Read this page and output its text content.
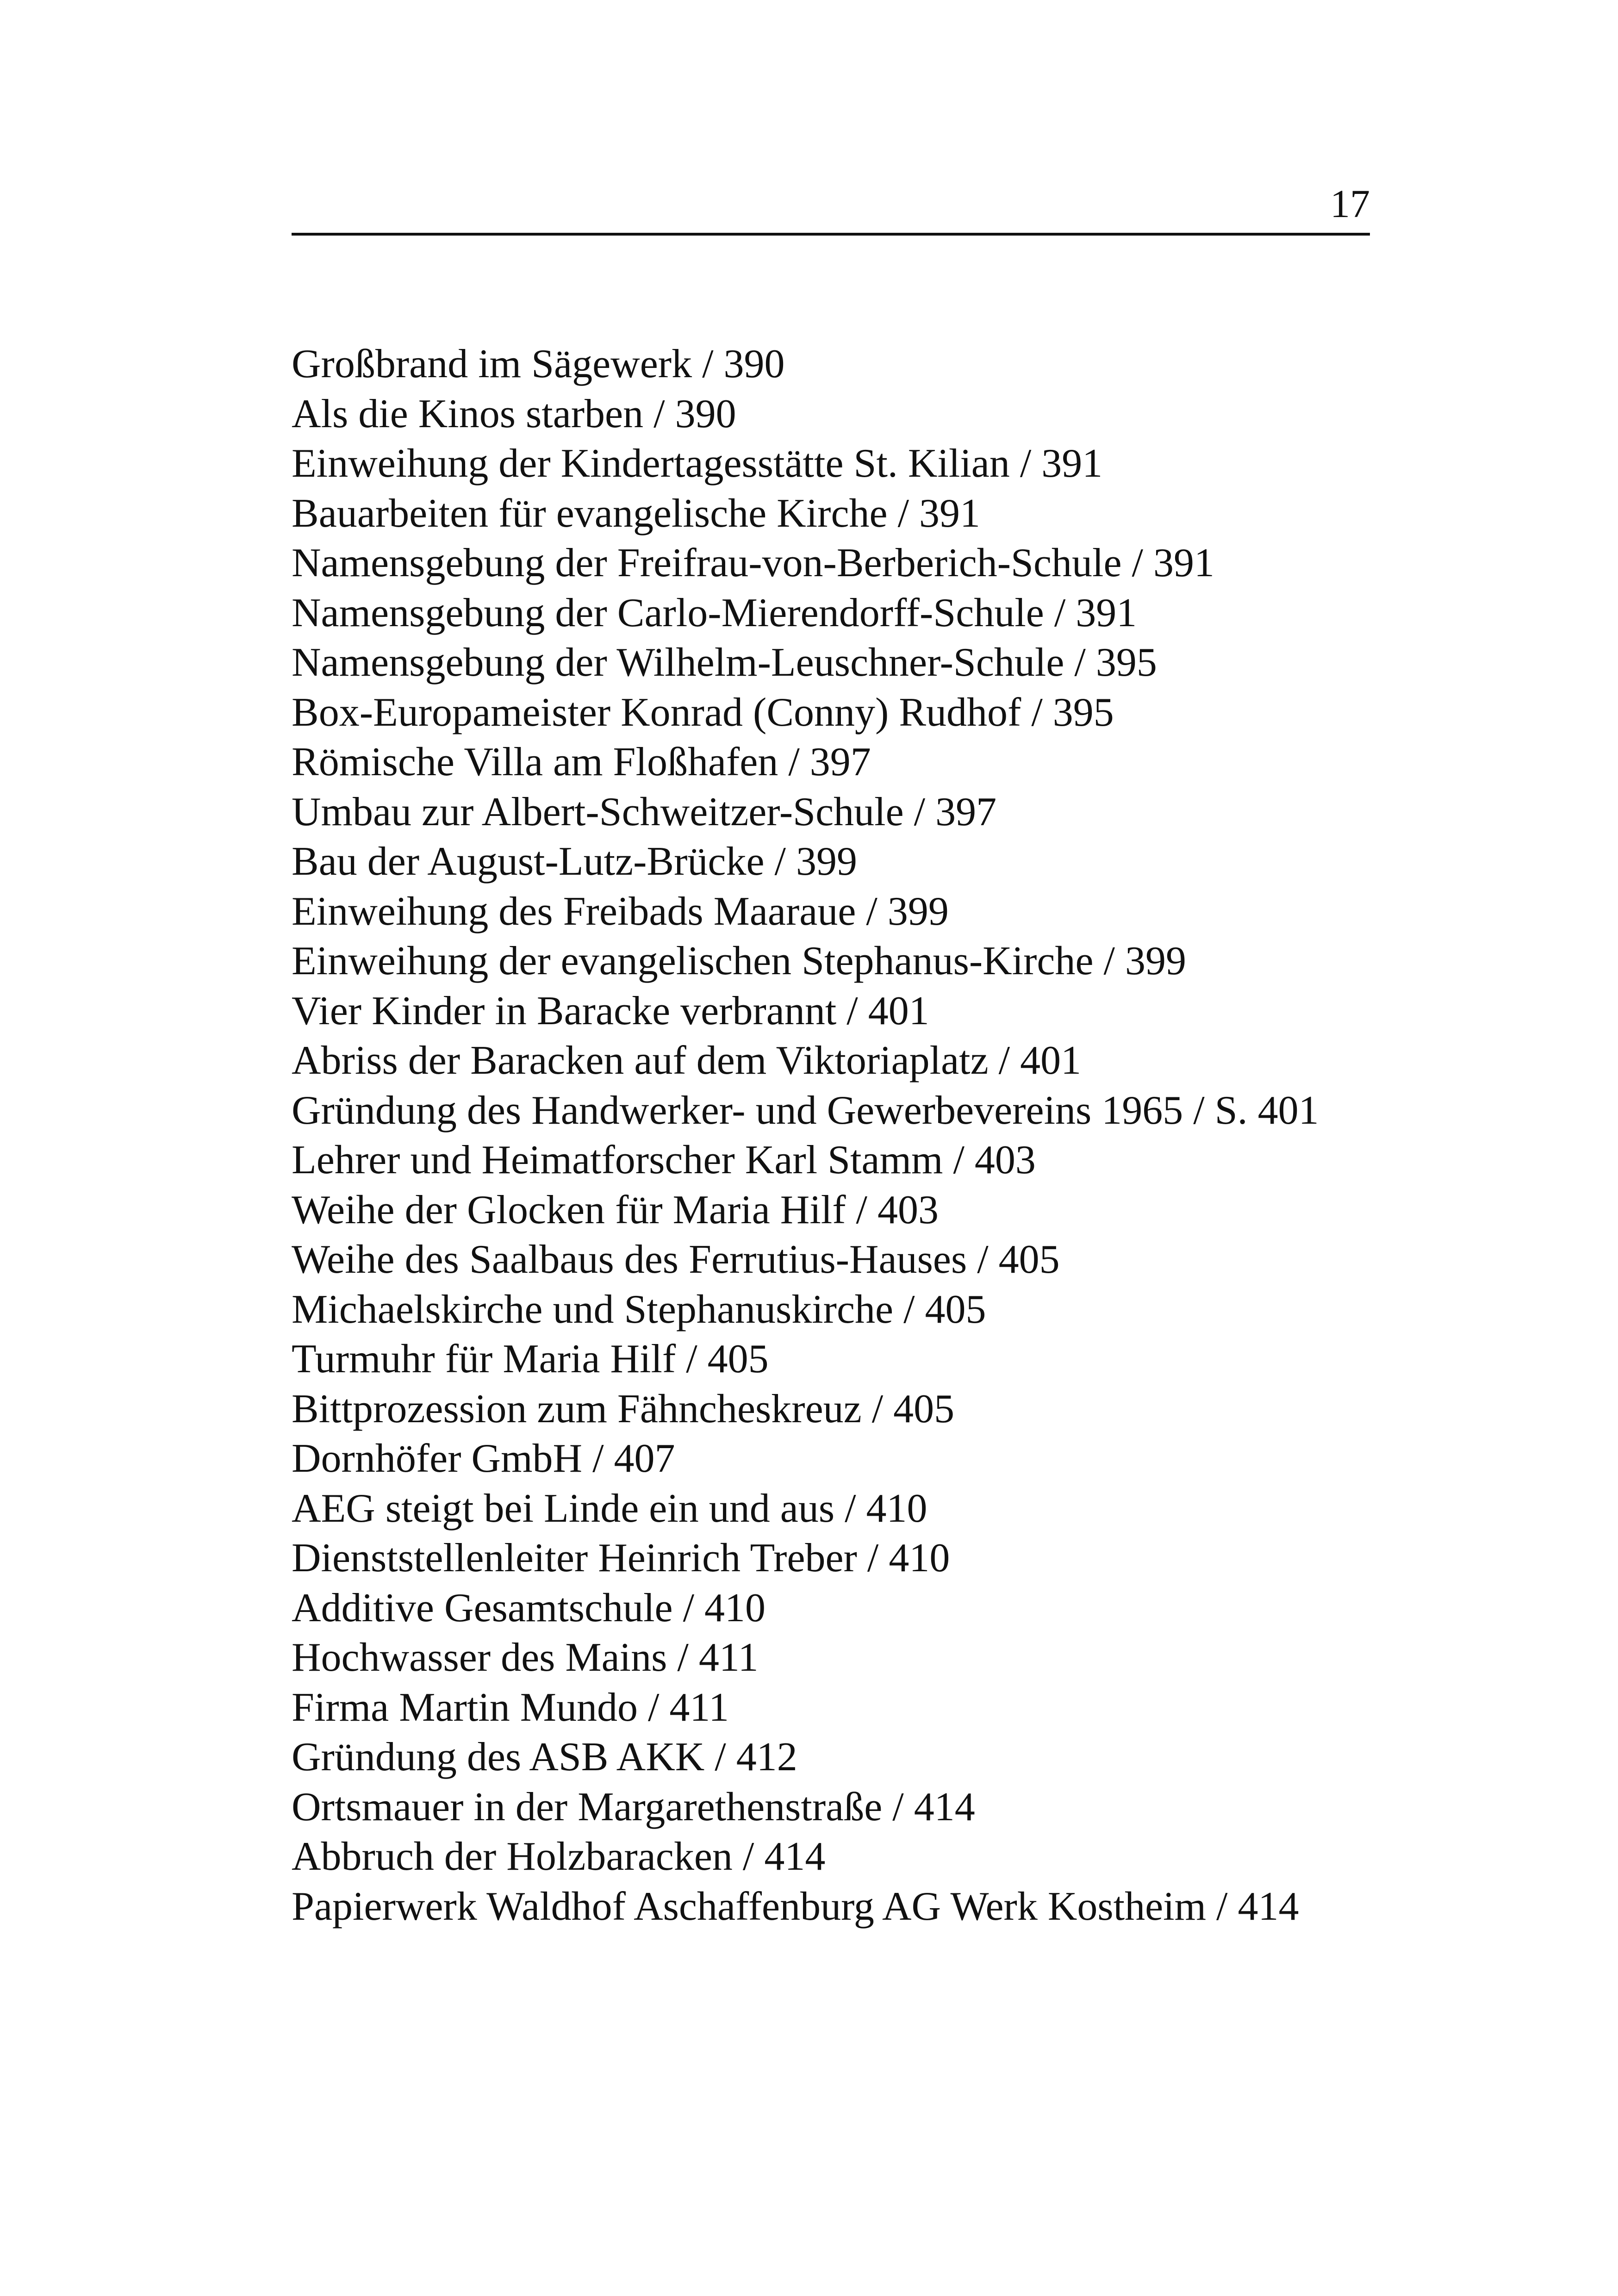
17
Großbrand im Sägewerk / 390
Als die Kinos starben / 390
Einweihung der Kindertagesstätte St. Kilian / 391
Bauarbeiten für evangelische Kirche / 391
Namensgebung der Freifrau-von-Berberich-Schule / 391
Namensgebung der Carlo-Mierendorff-Schule / 391
Namensgebung der Wilhelm-Leuschner-Schule / 395
Box-Europameister Konrad (Conny) Rudhof / 395
Römische Villa am Floßhafen / 397
Umbau zur Albert-Schweitzer-Schule / 397
Bau der August-Lutz-Brücke / 399
Einweihung des Freibads Maaraue / 399
Einweihung der evangelischen Stephanus-Kirche / 399
Vier Kinder in Baracke verbrannt / 401
Abriss der Baracken auf dem Viktoriaplatz / 401
Gründung des Handwerker- und Gewerbevereins 1965 / S. 401
Lehrer und Heimatforscher Karl Stamm / 403
Weihe der Glocken für Maria Hilf / 403
Weihe des Saalbaus des Ferrutius-Hauses / 405
Michaelskirche und Stephanuskirche / 405
Turmuhr für Maria Hilf / 405
Bittprozession zum Fähncheskreuz / 405
Dornhöfer GmbH / 407
AEG steigt bei Linde ein und aus / 410
Dienststellenleiter Heinrich Treber / 410
Additive Gesamtschule / 410
Hochwasser des Mains / 411
Firma Martin Mundo / 411
Gründung des ASB AKK / 412
Ortsmauer in der Margarethenstraße / 414
Abbruch der Holzbaracken / 414
Papierwerk Waldhof Aschaffenburg AG Werk Kostheim / 414
